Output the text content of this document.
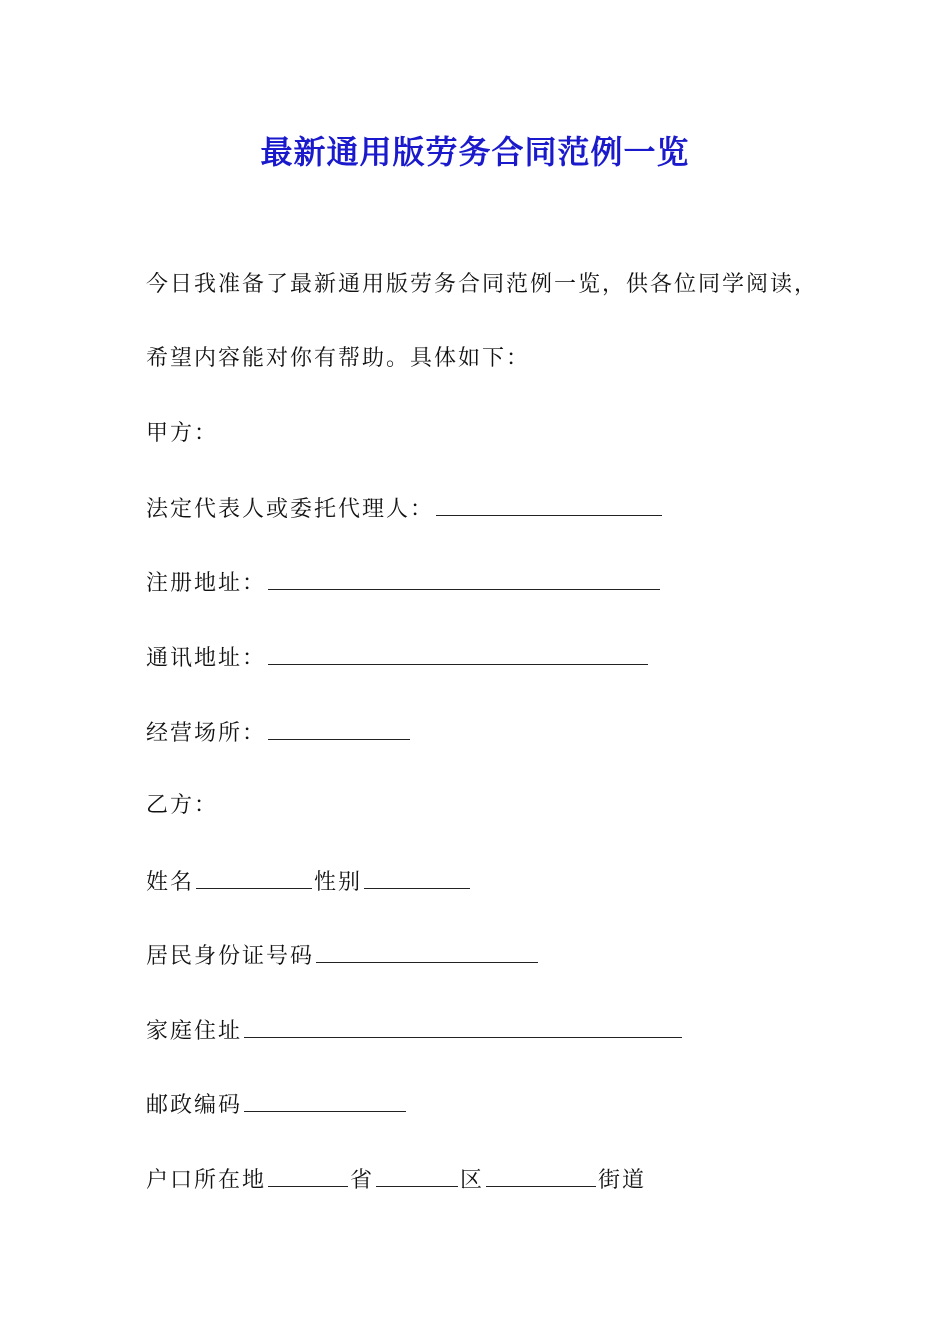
最新通用版劳务合同范例一览
今日我准备了最新通用版劳务合同范例一览，供各位同学阅读，
希望内容能对你有帮助。具体如下：
甲方：
法定代表人或委托代理人：
注册地址：
通讯地址：
经营场所：
乙方：
姓名	性别
居民身份证号码
家庭住址
邮政编码
户口所在地	省	区	街道
